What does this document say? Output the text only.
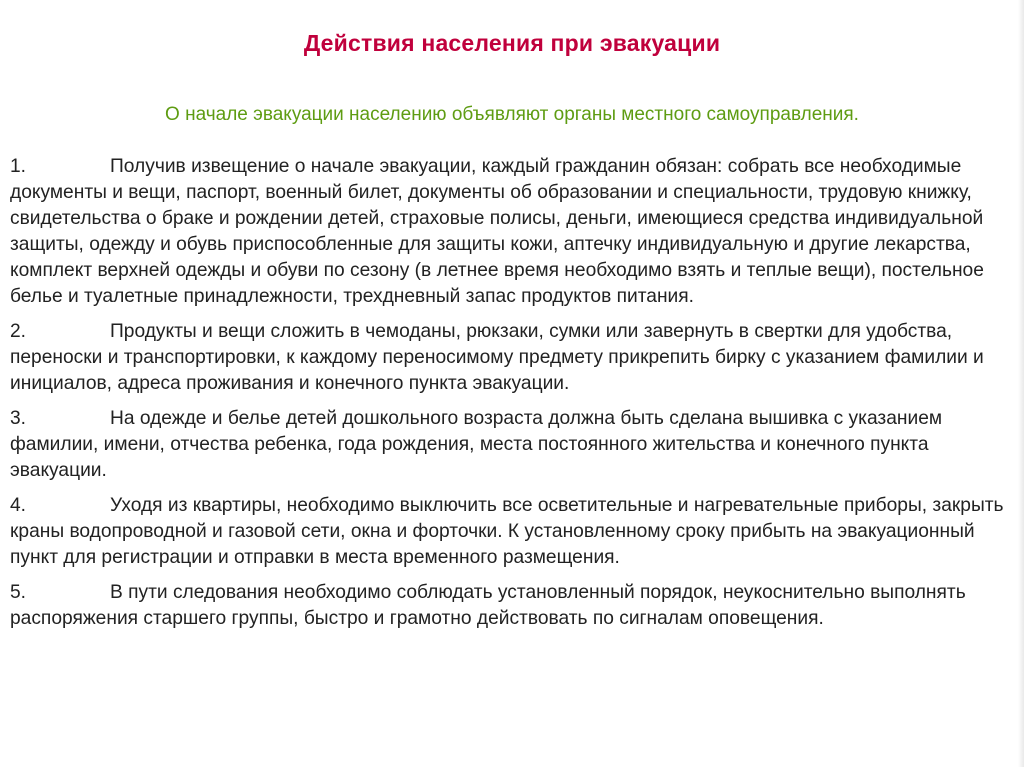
Действия населения при эвакуации
О начале эвакуации населению объявляют органы местного самоуправления.

1.	Получив извещение о начале эвакуации, каждый гражданин обязан: собрать все необходимые документы и вещи, паспорт, военный билет, документы об образовании и специальности, трудовую книжку, свидетельства о браке и рождении детей, страховые полисы, деньги, имеющиеся средства индивидуальной защиты, одежду и обувь приспособленные для защиты кожи, аптечку индивидуальную и другие лекарства, комплект верхней одежды и обуви по сезону (в летнее время необходимо взять и теплые вещи), постельное белье и туалетные принадлежности, трехдневный запас продуктов питания.

2.	Продукты и вещи сложить в чемоданы, рюкзаки, сумки или завернуть в свертки для удобства, переноски и транспортировки, к каждому переносимому предмету прикрепить бирку с указанием фамилии и инициалов, адреса проживания и конечного пункта эвакуации.

3.	На одежде и белье детей дошкольного возраста должна быть сделана вышивка с указанием фамилии, имени, отчества ребенка, года рождения, места постоянного жительства и конечного пункта эвакуации.

4.	Уходя из квартиры, необходимо выключить все осветительные и нагревательные приборы, закрыть краны водопроводной и газовой сети, окна и форточки. К установленному сроку прибыть на эвакуационный пункт для регистрации и отправки в места временного размещения.

5.	В пути следования необходимо соблюдать установленный порядок, неукоснительно выполнять распоряжения старшего группы, быстро и грамотно действовать по сигналам оповещения.
